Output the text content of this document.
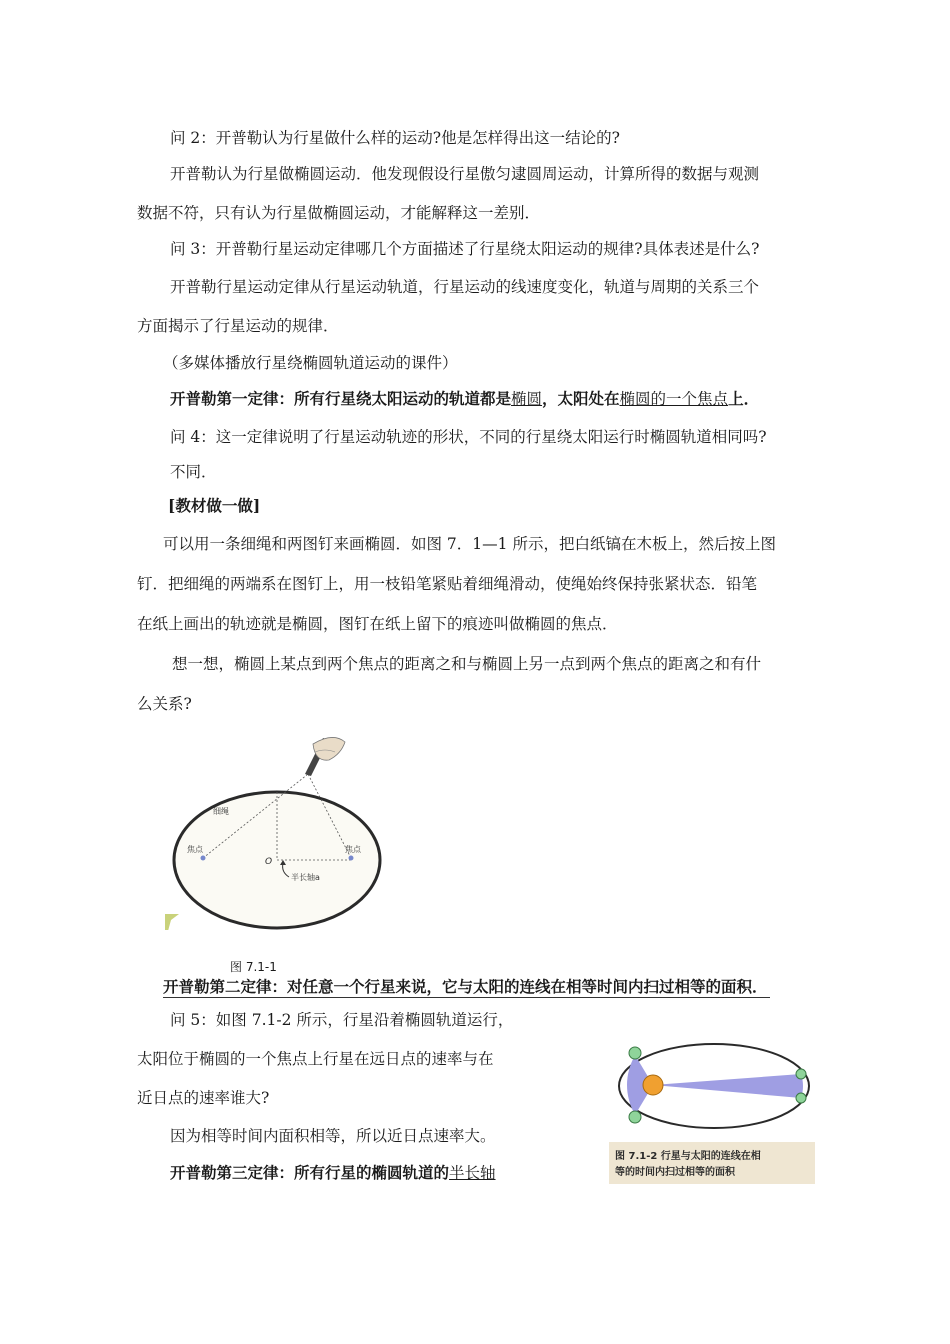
问 2：开普勒认为行星做什么样的运动?他是怎样得出这一结论的?
开普勒认为行星做椭圆运动．他发现假设行星傲匀逮圆周运动，计算所得的数据与观测
数据不符，只有认为行星做椭圆运动，才能解释这一差别．
问 3：开普勒行星运动定律哪几个方面描述了行星绕太阳运动的规律?具体表述是什么?
开普勒行星运动定律从行星运动轨道，行星运动的线速度变化，轨道与周期的关系三个
方面揭示了行星运动的规律．
（多媒体播放行星绕椭圆轨道运动的课件）
开普勒第一定律：所有行星绕太阳运动的轨道都是椭圆，太阳处在椭圆的一个焦点上．
问 4：这一定律说明了行星运动轨迹的形状，不同的行星绕太阳运行时椭圆轨道相同吗?
不同．
[教材做一做]
可以用一条细绳和两图钉来画椭圆．如图 7．1—1 所示，把白纸镐在木板上，然后按上图
钉．把细绳的两端系在图钉上，用一枝铅笔紧贴着细绳滑动，使绳始终保持张紧状态．铅笔
在纸上画出的轨迹就是椭圆，图钉在纸上留下的痕迹叫做椭圆的焦点．
想一想，椭圆上某点到两个焦点的距离之和与椭圆上另一点到两个焦点的距离之和有什
么关系?
细绳
焦点	焦点
O
半长轴a
图 7.1-1
开普勒第二定律：对任意一个行星来说，它与太阳的连线在相等时间内扫过相等的面积．
问 5：如图 7.1-2 所示，行星沿着椭圆轨道运行，
太阳位于椭圆的一个焦点上行星在远日点的速率与在
近日点的速率谁大?
因为相等时间内面积相等，所以近日点速率大。
开普勒第三定律：所有行星的椭圆轨道的半长轴
图 7.1-2 行星与太阳的连线在相
等的时间内扫过相等的面积
